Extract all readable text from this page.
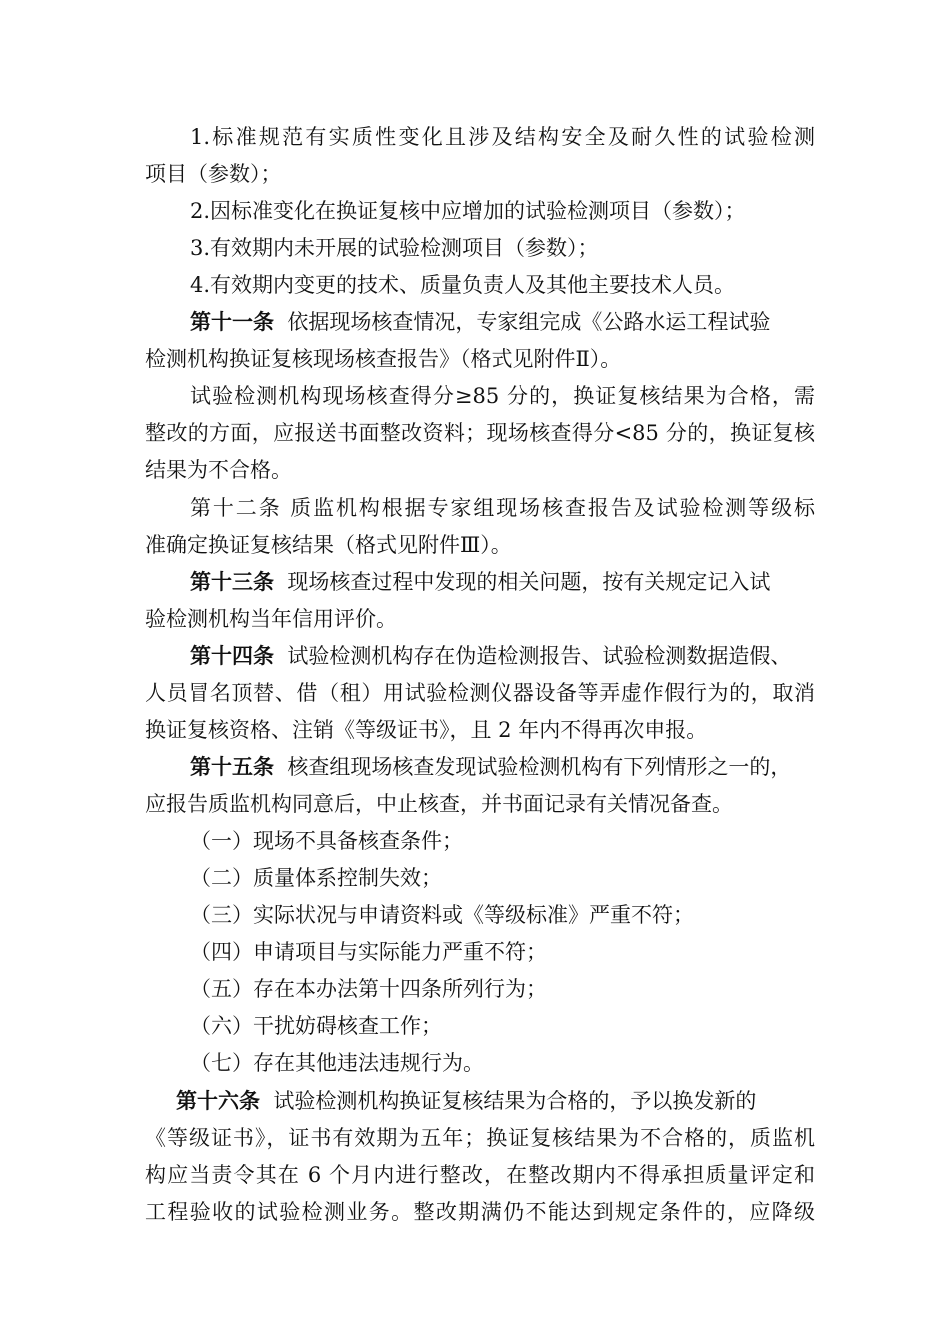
1.标准规范有实质性变化且涉及结构安全及耐久性的试验检测
项目（参数）；
2.因标准变化在换证复核中应增加的试验检测项目（参数）；
3.有效期内未开展的试验检测项目（参数）；
4.有效期内变更的技术、质量负责人及其他主要技术人员。
第十一条 依据现场核查情况，专家组完成《公路水运工程试验
检测机构换证复核现场核查报告》（格式见附件Ⅱ）。
试验检测机构现场核查得分≥85 分的，换证复核结果为合格，需
整改的方面，应报送书面整改资料；现场核查得分<85 分的，换证复核
结果为不合格。
第十二条 质监机构根据专家组现场核查报告及试验检测等级标
准确定换证复核结果（格式见附件Ⅲ）。
第十三条 现场核查过程中发现的相关问题，按有关规定记入试
验检测机构当年信用评价。
第十四条 试验检测机构存在伪造检测报告、试验检测数据造假、
人员冒名顶替、借（租）用试验检测仪器设备等弄虚作假行为的，取消
换证复核资格、注销《等级证书》，且 2 年内不得再次申报。
第十五条 核查组现场核查发现试验检测机构有下列情形之一的，
应报告质监机构同意后，中止核查，并书面记录有关情况备查。
（一）现场不具备核查条件；
（二）质量体系控制失效；
（三）实际状况与申请资料或《等级标准》严重不符；
（四）申请项目与实际能力严重不符；
（五）存在本办法第十四条所列行为；
（六）干扰妨碍核查工作；
（七）存在其他违法违规行为。
第十六条 试验检测机构换证复核结果为合格的，予以换发新的
《等级证书》，证书有效期为五年；换证复核结果为不合格的，质监机
构应当责令其在 6 个月内进行整改，在整改期内不得承担质量评定和
工程验收的试验检测业务。整改期满仍不能达到规定条件的，应降级
